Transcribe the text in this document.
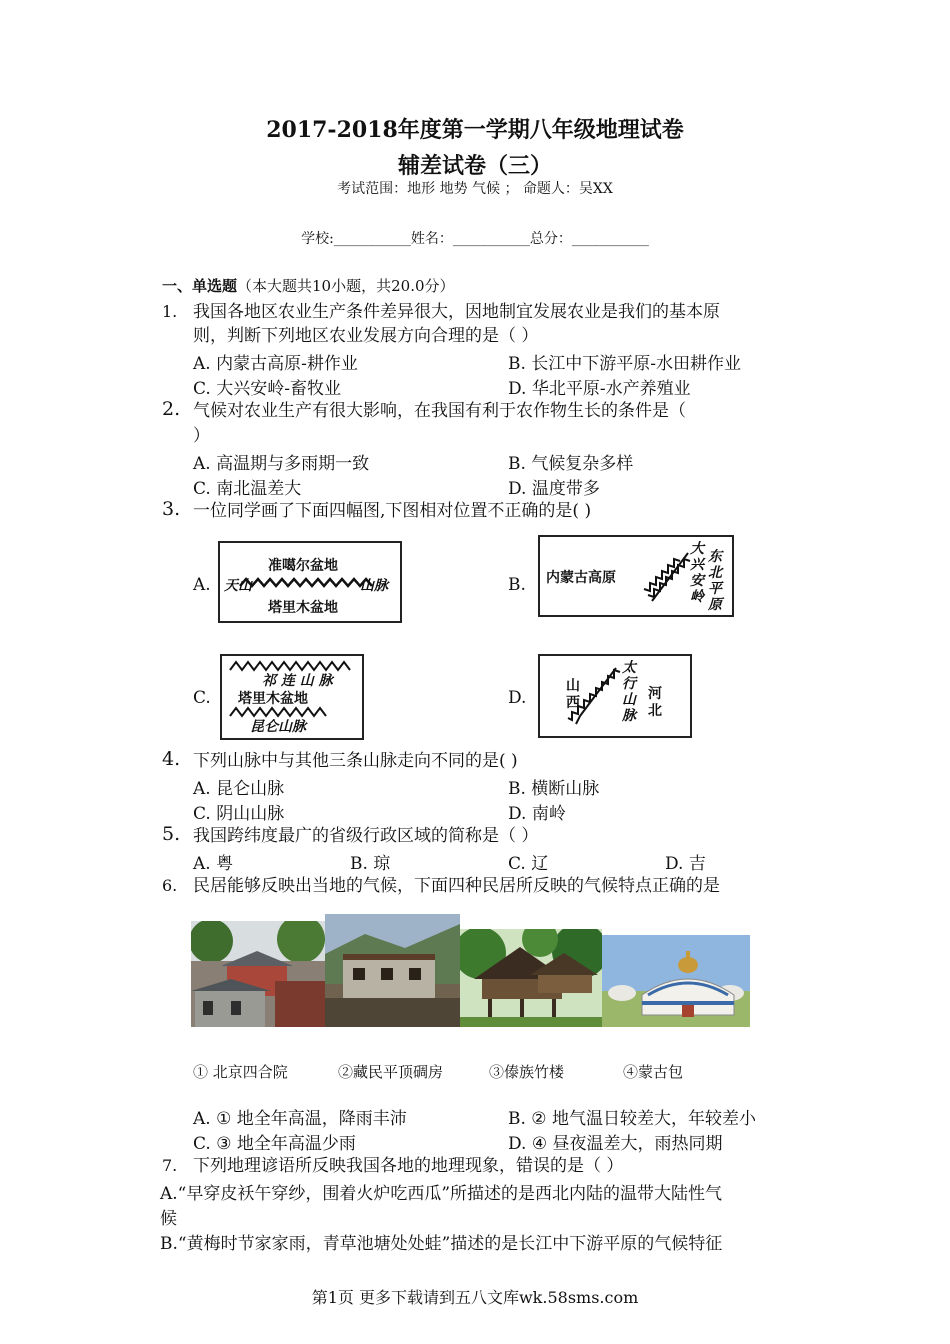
2017-2018年度第一学期八年级地理试卷
辅差试卷（三）
考试范围：地形 地势 气候 ； 命题人：吴XX
学校:___________姓名：___________总分：___________
一、单选题（本大题共10小题，共20.0分）
1. 我国各地区农业生产条件差异很大，因地制宜发展农业是我们的基本原
则，判断下列地区农业发展方向合理的是（ ）
A. 内蒙古高原-耕作业	B. 长江中下游平原-水田耕作业
C. 大兴安岭-畜牧业	D. 华北平原-水产养殖业
2. 气候对农业生产有很大影响，在我国有利于农作物生长的条件是（
）
A. 高温期与多雨期一致	B. 气候复杂多样
C. 南北温差大	D. 温度带多
3. 一位同学画了下面四幅图,下图相对位置不正确的是( )
A.
准噶尔盆地
天山	山脉
塔里木盆地
B. 内蒙古高原
大兴安岭
东北平原
C.
祁 连 山 脉
塔里木盆地
昆仑山脉
D.
山西
太行山脉
河北
4. 下列山脉中与其他三条山脉走向不同的是( )
A. 昆仑山脉	B. 横断山脉
C. 阴山山脉	D. 南岭
5. 我国跨纬度最广的省级行政区域的简称是（ ）
A. 粤	B. 琼	C. 辽	D. 吉
6. 民居能够反映出当地的气候，下面四种民居所反映的气候特点正确的是
① 北京四合院	②藏民平顶碉房	③傣族竹楼	④蒙古包
A. ① 地全年高温，降雨丰沛	B. ② 地气温日较差大，年较差小
C. ③ 地全年高温少雨	D. ④ 昼夜温差大，雨热同期
7. 下列地理谚语所反映我国各地的地理现象，错误的是（ ）
A.“早穿皮袄午穿纱，围着火炉吃西瓜”所描述的是西北内陆的温带大陆性气
候
B.“黄梅时节家家雨，青草池塘处处蛙”描述的是长江中下游平原的气候特征
第1页 更多下载请到五八文库wk.58sms.com
